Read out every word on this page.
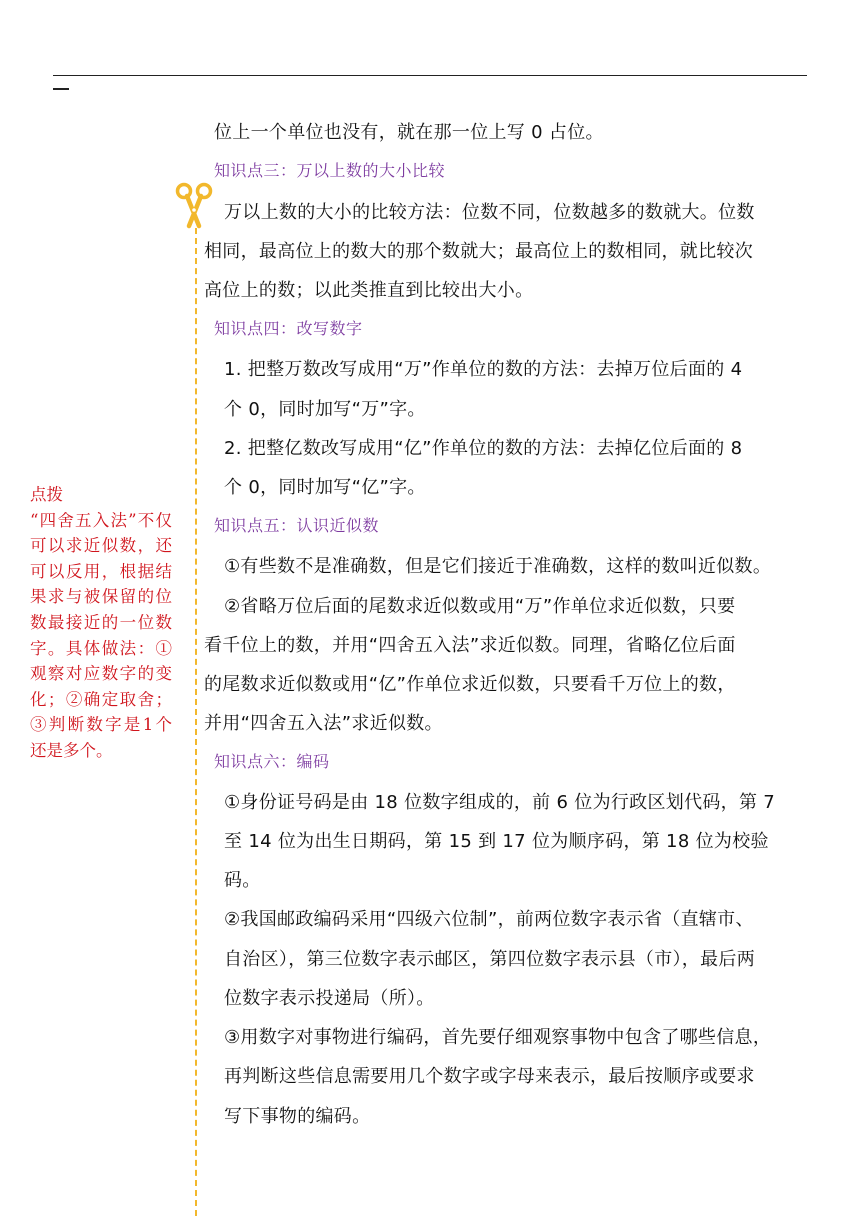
点拨
“四舍五入法”不仅可以求近似数，还可以反用，根据结果求与被保留的位数最接近的一位数字。具体做法：①观察对应数字的变化；②确定取舍；③判断数字是1个还是多个。
位上一个单位也没有，就在那一位上写 0 占位。
知识点三：万以上数的大小比较
万以上数的大小的比较方法：位数不同，位数越多的数就大。位数
相同，最高位上的数大的那个数就大；最高位上的数相同，就比较次
高位上的数；以此类推直到比较出大小。
知识点四：改写数字
1. 把整万数改写成用“万”作单位的数的方法：去掉万位后面的 4
个 0，同时加写“万”字。
2. 把整亿数改写成用“亿”作单位的数的方法：去掉亿位后面的 8
个 0，同时加写“亿”字。
知识点五：认识近似数
①有些数不是准确数，但是它们接近于准确数，这样的数叫近似数。
②省略万位后面的尾数求近似数或用“万”作单位求近似数，只要
看千位上的数，并用“四舍五入法”求近似数。同理，省略亿位后面
的尾数求近似数或用“亿”作单位求近似数，只要看千万位上的数，
并用“四舍五入法”求近似数。
知识点六：编码
①身份证号码是由 18 位数字组成的，前 6 位为行政区划代码，第 7
至 14 位为出生日期码，第 15 到 17 位为顺序码，第 18 位为校验
码。
②我国邮政编码采用“四级六位制”，前两位数字表示省（直辖市、
自治区），第三位数字表示邮区，第四位数字表示县（市），最后两
位数字表示投递局（所）。
③用数字对事物进行编码，首先要仔细观察事物中包含了哪些信息，
再判断这些信息需要用几个数字或字母来表示，最后按顺序或要求
写下事物的编码。
